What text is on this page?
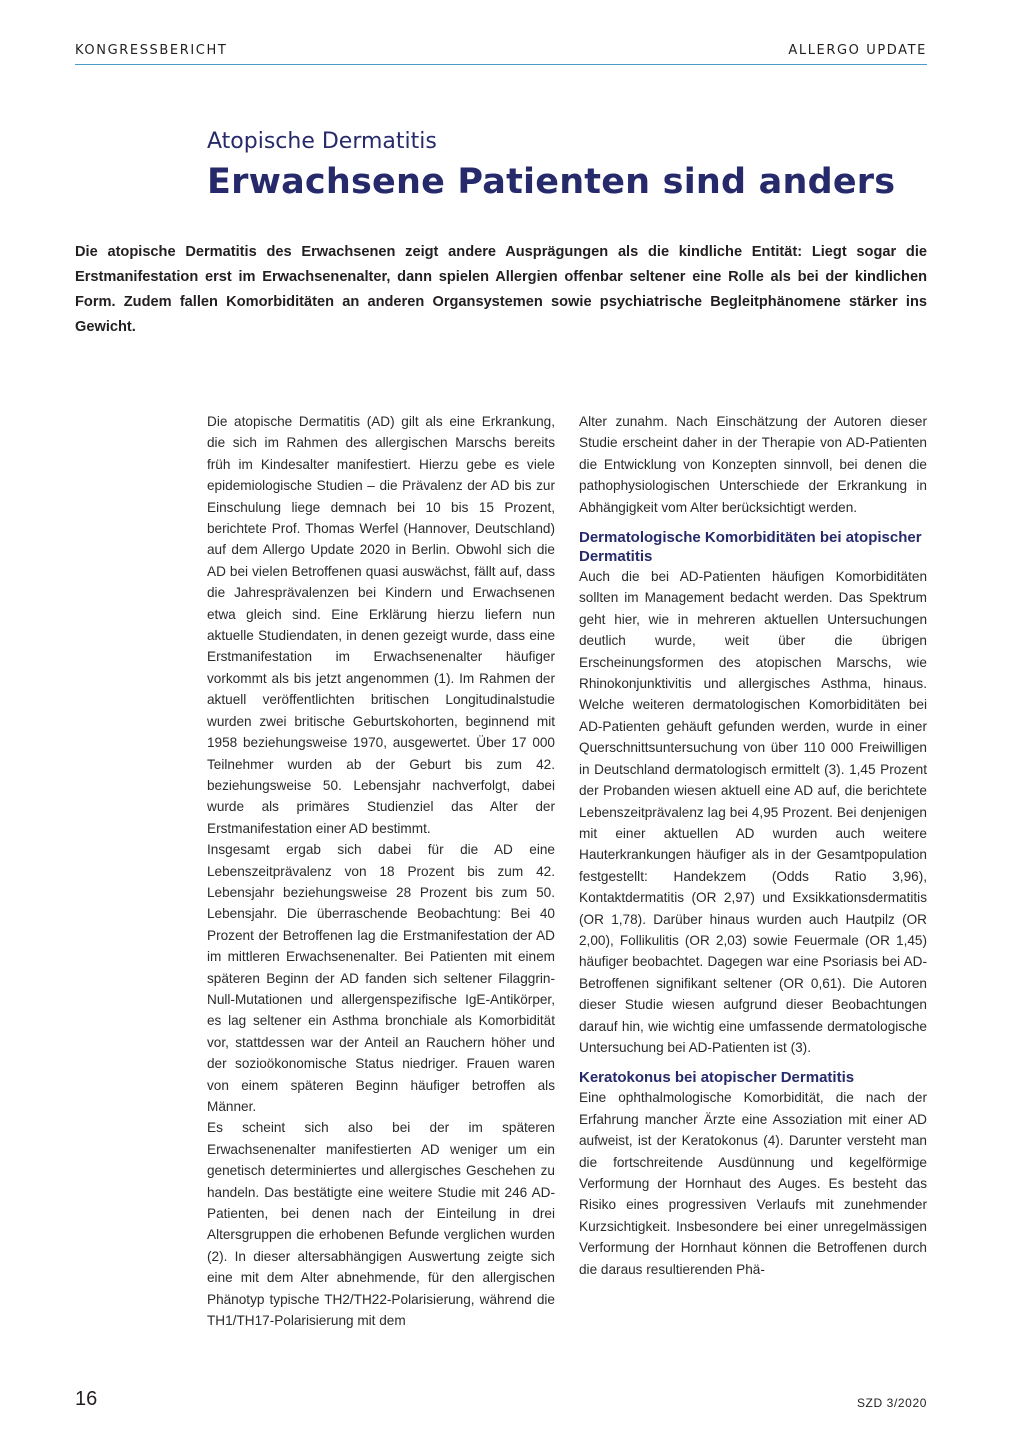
KONGRESSBERICHT	ALLERGO UPDATE
Atopische Dermatitis
Erwachsene Patienten sind anders

Die atopische Dermatitis des Erwachsenen zeigt andere Ausprägungen als die kindliche Entität: Liegt sogar die Erstmanifestation erst im Erwachsenenalter, dann spielen Allergien offenbar seltener eine Rolle als bei der kindlichen Form. Zudem fallen Komorbiditäten an anderen Organsystemen sowie psychiatrische Begleitphänomene stärker ins Gewicht.

Die atopische Dermatitis (AD) gilt als eine Erkrankung, die sich im Rahmen des allergischen Marschs bereits früh im Kindesalter manifestiert. Hierzu gebe es viele epidemiologische Studien – die Prävalenz der AD bis zur Einschulung liege demnach bei 10 bis 15 Prozent, berichtete Prof. Thomas Werfel (Hannover, Deutschland) auf dem Allergo Update 2020 in Berlin. Obwohl sich die AD bei vielen Betroffenen quasi auswächst, fällt auf, dass die Jahresprävalenzen bei Kindern und Erwachsenen etwa gleich sind. Eine Erklärung hierzu liefern nun aktuelle Studiendaten, in denen gezeigt wurde, dass eine Erstmanifestation im Erwachsenenalter häufiger vorkommt als bis jetzt angenommen (1). Im Rahmen der aktuell veröffentlichten britischen Longitudinalstudie wurden zwei britische Geburtskohorten, beginnend mit 1958 beziehungsweise 1970, ausgewertet. Über 17 000 Teilnehmer wurden ab der Geburt bis zum 42. beziehungsweise 50. Lebensjahr nachverfolgt, dabei wurde als primäres Studienziel das Alter der Erstmanifestation einer AD bestimmt.

Insgesamt ergab sich dabei für die AD eine Lebenszeitprävalenz von 18 Prozent bis zum 42. Lebensjahr beziehungsweise 28 Prozent bis zum 50. Lebensjahr. Die überraschende Beobachtung: Bei 40 Prozent der Betroffenen lag die Erstmanifestation der AD im mittleren Erwachsenenalter. Bei Patienten mit einem späteren Beginn der AD fanden sich seltener Filaggrin-Null-Mutationen und allergenspezifische IgE-Antikörper, es lag seltener ein Asthma bronchiale als Komorbidität vor, stattdessen war der Anteil an Rauchern höher und der sozioökonomische Status niedriger. Frauen waren von einem späteren Beginn häufiger betroffen als Männer.

Es scheint sich also bei der im späteren Erwachsenenalter manifestierten AD weniger um ein genetisch determiniertes und allergisches Geschehen zu handeln. Das bestätigte eine weitere Studie mit 246 AD-Patienten, bei denen nach der Einteilung in drei Altersgruppen die erhobenen Befunde verglichen wurden (2). In dieser altersabhängigen Auswertung zeigte sich eine mit dem Alter abnehmende, für den allergischen Phänotyp typische TH2/TH22-Polarisierung, während die TH1/TH17-Polarisierung mit dem

Alter zunahm. Nach Einschätzung der Autoren dieser Studie erscheint daher in der Therapie von AD-Patienten die Entwicklung von Konzepten sinnvoll, bei denen die pathophysiologischen Unterschiede der Erkrankung in Abhängigkeit vom Alter berücksichtigt werden.

Dermatologische Komorbiditäten bei atopischer Dermatitis

Auch die bei AD-Patienten häufigen Komorbiditäten sollten im Management bedacht werden. Das Spektrum geht hier, wie in mehreren aktuellen Untersuchungen deutlich wurde, weit über die übrigen Erscheinungsformen des atopischen Marschs, wie Rhinokonjunktivitis und allergisches Asthma, hinaus. Welche weiteren dermatologischen Komorbiditäten bei AD-Patienten gehäuft gefunden werden, wurde in einer Querschnittsuntersuchung von über 110 000 Freiwilligen in Deutschland dermatologisch ermittelt (3). 1,45 Prozent der Probanden wiesen aktuell eine AD auf, die berichtete Lebenszeitprävalenz lag bei 4,95 Prozent. Bei denjenigen mit einer aktuellen AD wurden auch weitere Hauterkrankungen häufiger als in der Gesamtpopulation festgestellt: Handekzem (Odds Ratio 3,96), Kontaktdermatitis (OR 2,97) und Exsikkationsdermatitis (OR 1,78). Darüber hinaus wurden auch Hautpilz (OR 2,00), Follikulitis (OR 2,03) sowie Feuermale (OR 1,45) häufiger beobachtet. Dagegen war eine Psoriasis bei AD-Betroffenen signifikant seltener (OR 0,61). Die Autoren dieser Studie wiesen aufgrund dieser Beobachtungen darauf hin, wie wichtig eine umfassende dermatologische Untersuchung bei AD-Patienten ist (3).

Keratokonus bei atopischer Dermatitis

Eine ophthalmologische Komorbidität, die nach der Erfahrung mancher Ärzte eine Assoziation mit einer AD aufweist, ist der Keratokonus (4). Darunter versteht man die fortschreitende Ausdünnung und kegelförmige Verformung der Hornhaut des Auges. Es besteht das Risiko eines progressiven Verlaufs mit zunehmender Kurzsichtigkeit. Insbesondere bei einer unregelmässigen Verformung der Hornhaut können die Betroffenen durch die daraus resultierenden Phä-

16	SZD 3/2020
